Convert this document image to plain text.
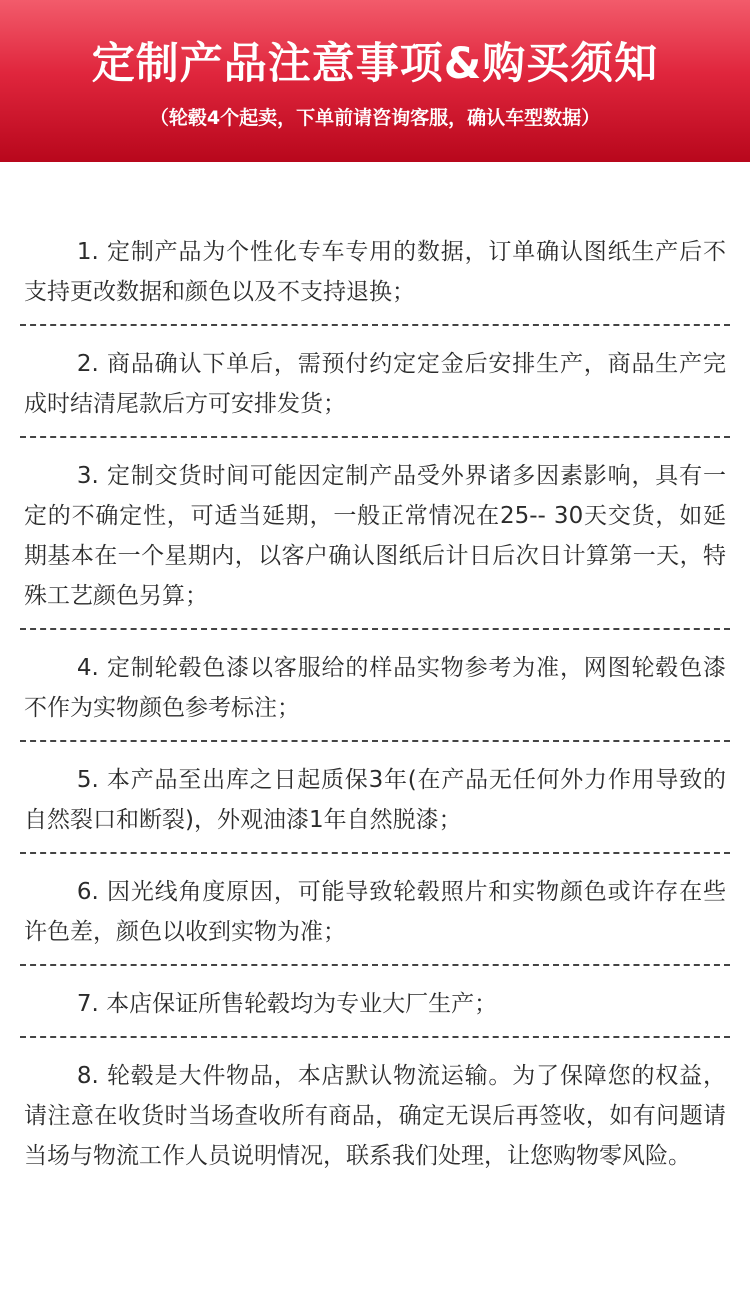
定制产品注意事项&购买须知
（轮毂4个起卖，下单前请咨询客服，确认车型数据）

1. 定制产品为个性化专车专用的数据，订单确认图纸生产后不支持更改数据和颜色以及不支持退换；

2. 商品确认下单后，需预付约定定金后安排生产，商品生产完成时结清尾款后方可安排发货；

3. 定制交货时间可能因定制产品受外界诸多因素影响，具有一定的不确定性，可适当延期，一般正常情况在25-- 30天交货，如延期基本在一个星期内，以客户确认图纸后计日后次日计算第一天，特殊工艺颜色另算；

4. 定制轮毂色漆以客服给的样品实物参考为准，网图轮毂色漆不作为实物颜色参考标注；

5. 本产品至出库之日起质保3年(在产品无任何外力作用导致的自然裂口和断裂)，外观油漆1年自然脱漆；

6. 因光线角度原因，可能导致轮毂照片和实物颜色或许存在些许色差，颜色以收到实物为准；

7. 本店保证所售轮毂均为专业大厂生产；

8. 轮毂是大件物品，本店默认物流运输。为了保障您的权益，请注意在收货时当场查收所有商品，确定无误后再签收，如有问题请当场与物流工作人员说明情况，联系我们处理，让您购物零风险。
